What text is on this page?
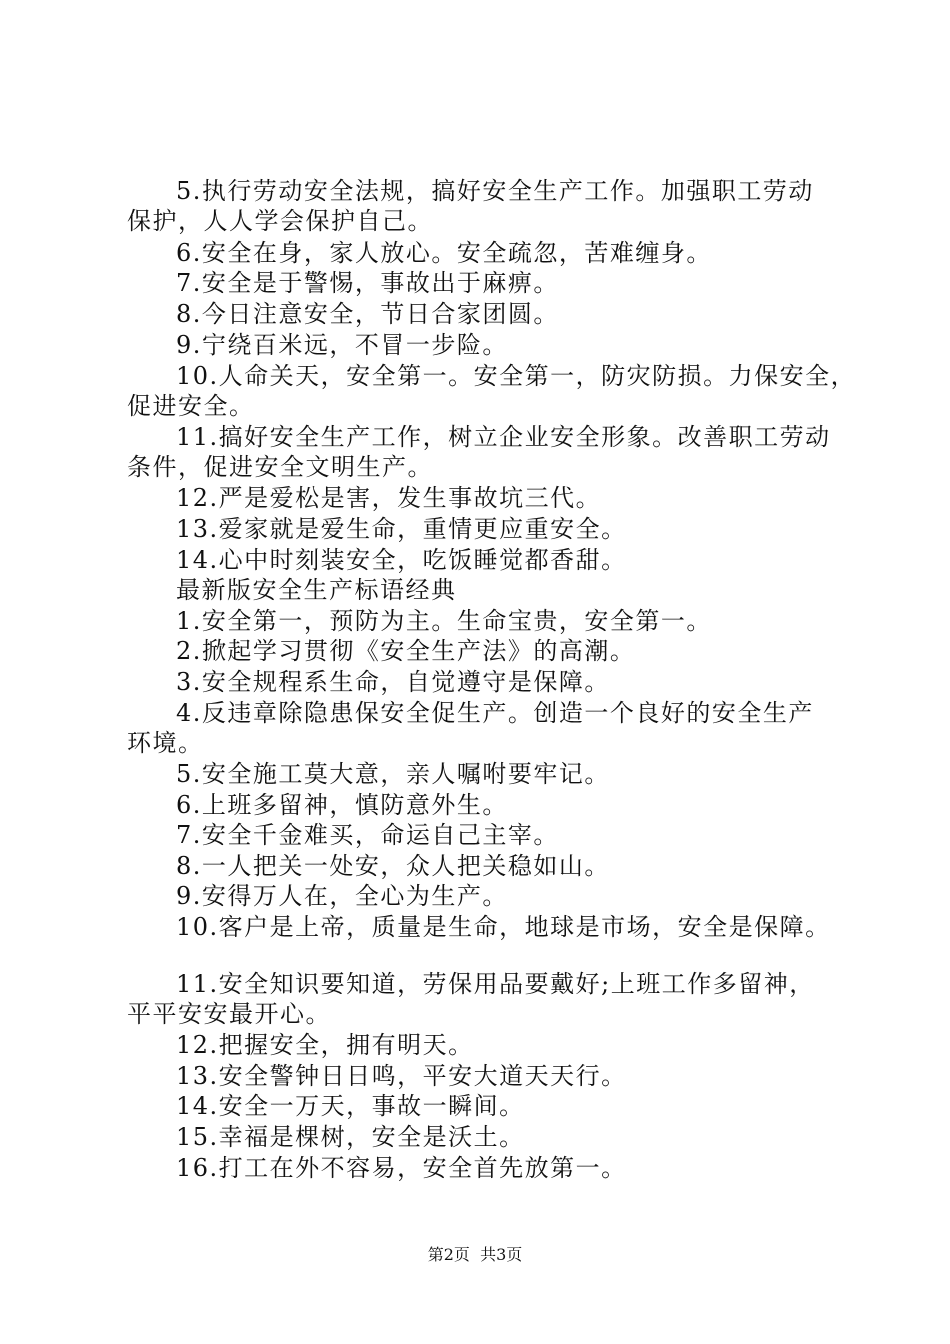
5.执行劳动安全法规，搞好安全生产工作。加强职工劳动
保护，人人学会保护自己。
6.安全在身，家人放心。安全疏忽，苦难缠身。
7.安全是于警惕，事故出于麻痹。
8.今日注意安全，节日合家团圆。
9.宁绕百米远，不冒一步险。
10.人命关天，安全第一。安全第一，防灾防损。力保安全，
促进安全。
11.搞好安全生产工作，树立企业安全形象。改善职工劳动
条件，促进安全文明生产。
12.严是爱松是害，发生事故坑三代。
13.爱家就是爱生命，重情更应重安全。
14.心中时刻装安全，吃饭睡觉都香甜。
最新版安全生产标语经典
1.安全第一，预防为主。生命宝贵，安全第一。
2.掀起学习贯彻《安全生产法》的高潮。
3.安全规程系生命，自觉遵守是保障。
4.反违章除隐患保安全促生产。创造一个良好的安全生产
环境。
5.安全施工莫大意，亲人嘱咐要牢记。
6.上班多留神，慎防意外生。
7.安全千金难买，命运自己主宰。
8.一人把关一处安，众人把关稳如山。
9.安得万人在，全心为生产。
10.客户是上帝，质量是生命，地球是市场，安全是保障。
11.安全知识要知道，劳保用品要戴好;上班工作多留神，
平平安安最开心。
12.把握安全，拥有明天。
13.安全警钟日日鸣，平安大道天天行。
14.安全一万天，事故一瞬间。
15.幸福是棵树，安全是沃土。
16.打工在外不容易，安全首先放第一。
第2页  共3页
